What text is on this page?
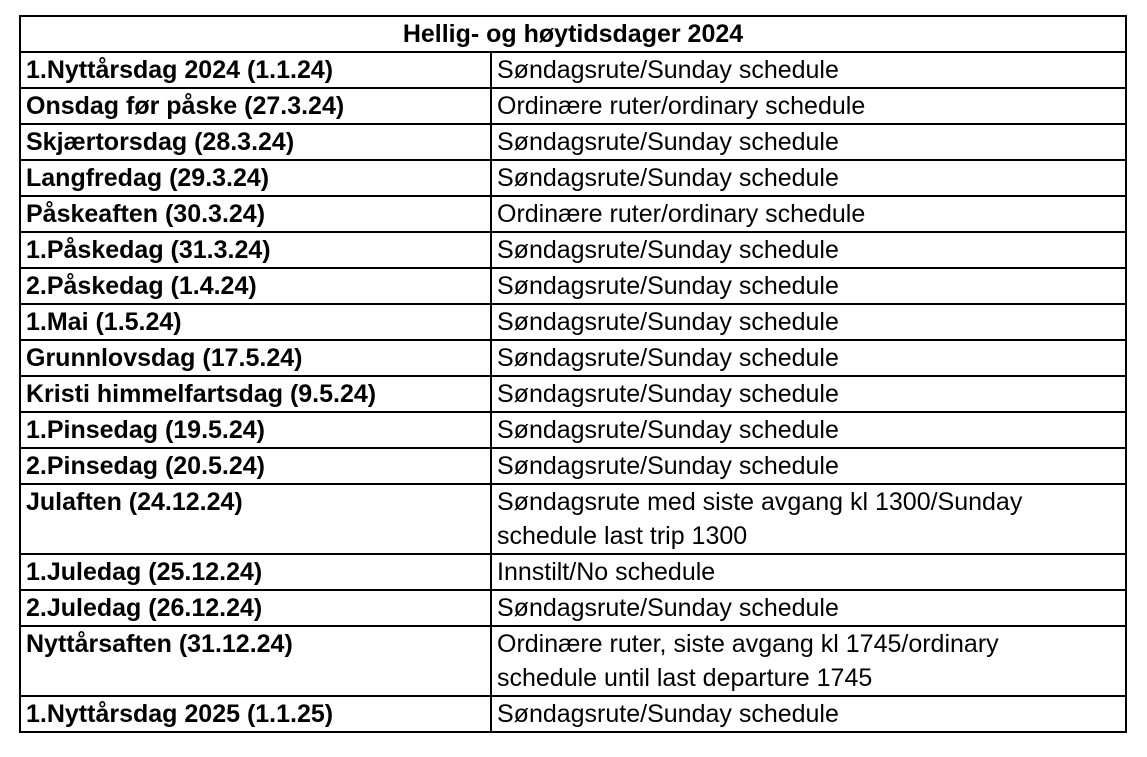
Hellig- og høytidsdager 2024	
1.Nyttårsdag 2024 (1.1.24)	Søndagsrute/Sunday schedule
Onsdag før påske (27.3.24)	Ordinære ruter/ordinary schedule
Skjærtorsdag (28.3.24)	Søndagsrute/Sunday schedule
Langfredag (29.3.24)	Søndagsrute/Sunday schedule
Påskeaften (30.3.24)	Ordinære ruter/ordinary schedule
1.Påskedag (31.3.24)	Søndagsrute/Sunday schedule
2.Påskedag (1.4.24)	Søndagsrute/Sunday schedule
1.Mai (1.5.24)	Søndagsrute/Sunday schedule
Grunnlovsdag (17.5.24)	Søndagsrute/Sunday schedule
Kristi himmelfartsdag (9.5.24)	Søndagsrute/Sunday schedule
1.Pinsedag (19.5.24)	Søndagsrute/Sunday schedule
2.Pinsedag (20.5.24)	Søndagsrute/Sunday schedule
Julaften (24.12.24)	Søndagsrute med siste avgang kl 1300/Sunday
schedule last trip 1300
1.Juledag (25.12.24)	Innstilt/No schedule
2.Juledag (26.12.24)	Søndagsrute/Sunday schedule
Nyttårsaften (31.12.24)	Ordinære ruter, siste avgang kl 1745/ordinary
schedule until last departure 1745
1.Nyttårsdag 2025 (1.1.25)	Søndagsrute/Sunday schedule
